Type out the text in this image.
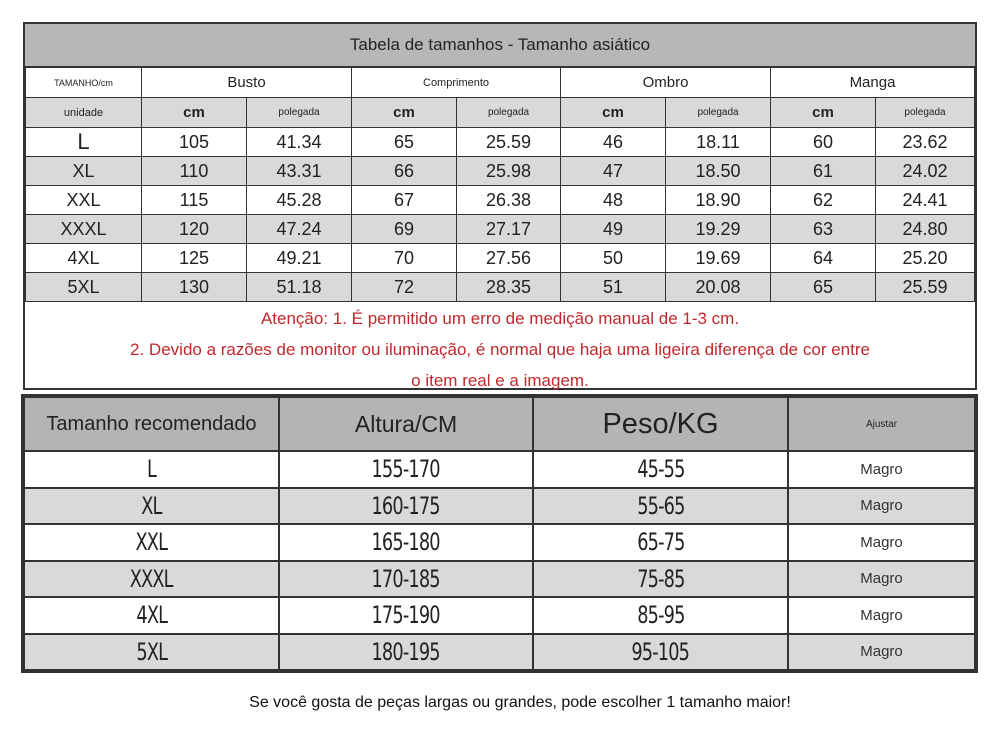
Tabela de tamanhos - Tamanho asiático
TAMANHO/cm	Busto		Comprimento		Ombro		Manga	
unidade	cm	polegada	cm	polegada	cm	polegada	cm	polegada
L	105	41.34	65	25.59	46	18.11	60	23.62
XL	110	43.31	66	25.98	47	18.50	61	24.02
XXL	115	45.28	67	26.38	48	18.90	62	24.41
XXXL	120	47.24	69	27.17	49	19.29	63	24.80
4XL	125	49.21	70	27.56	50	19.69	64	25.20
5XL	130	51.18	72	28.35	51	20.08	65	25.59
Atenção: 1. É permitido um erro de medição manual de 1-3 cm.
2. Devido a razões de monitor ou iluminação, é normal que haja uma ligeira diferença de cor entre
o item real e a imagem.
Tamanho recomendado	Altura/CM	Peso/KG	Ajustar
L	155-170	45-55	Magro
XL	160-175	55-65	Magro
XXL	165-180	65-75	Magro
XXXL	170-185	75-85	Magro
4XL	175-190	85-95	Magro
5XL	180-195	95-105	Magro
Se você gosta de peças largas ou grandes, pode escolher 1 tamanho maior!
